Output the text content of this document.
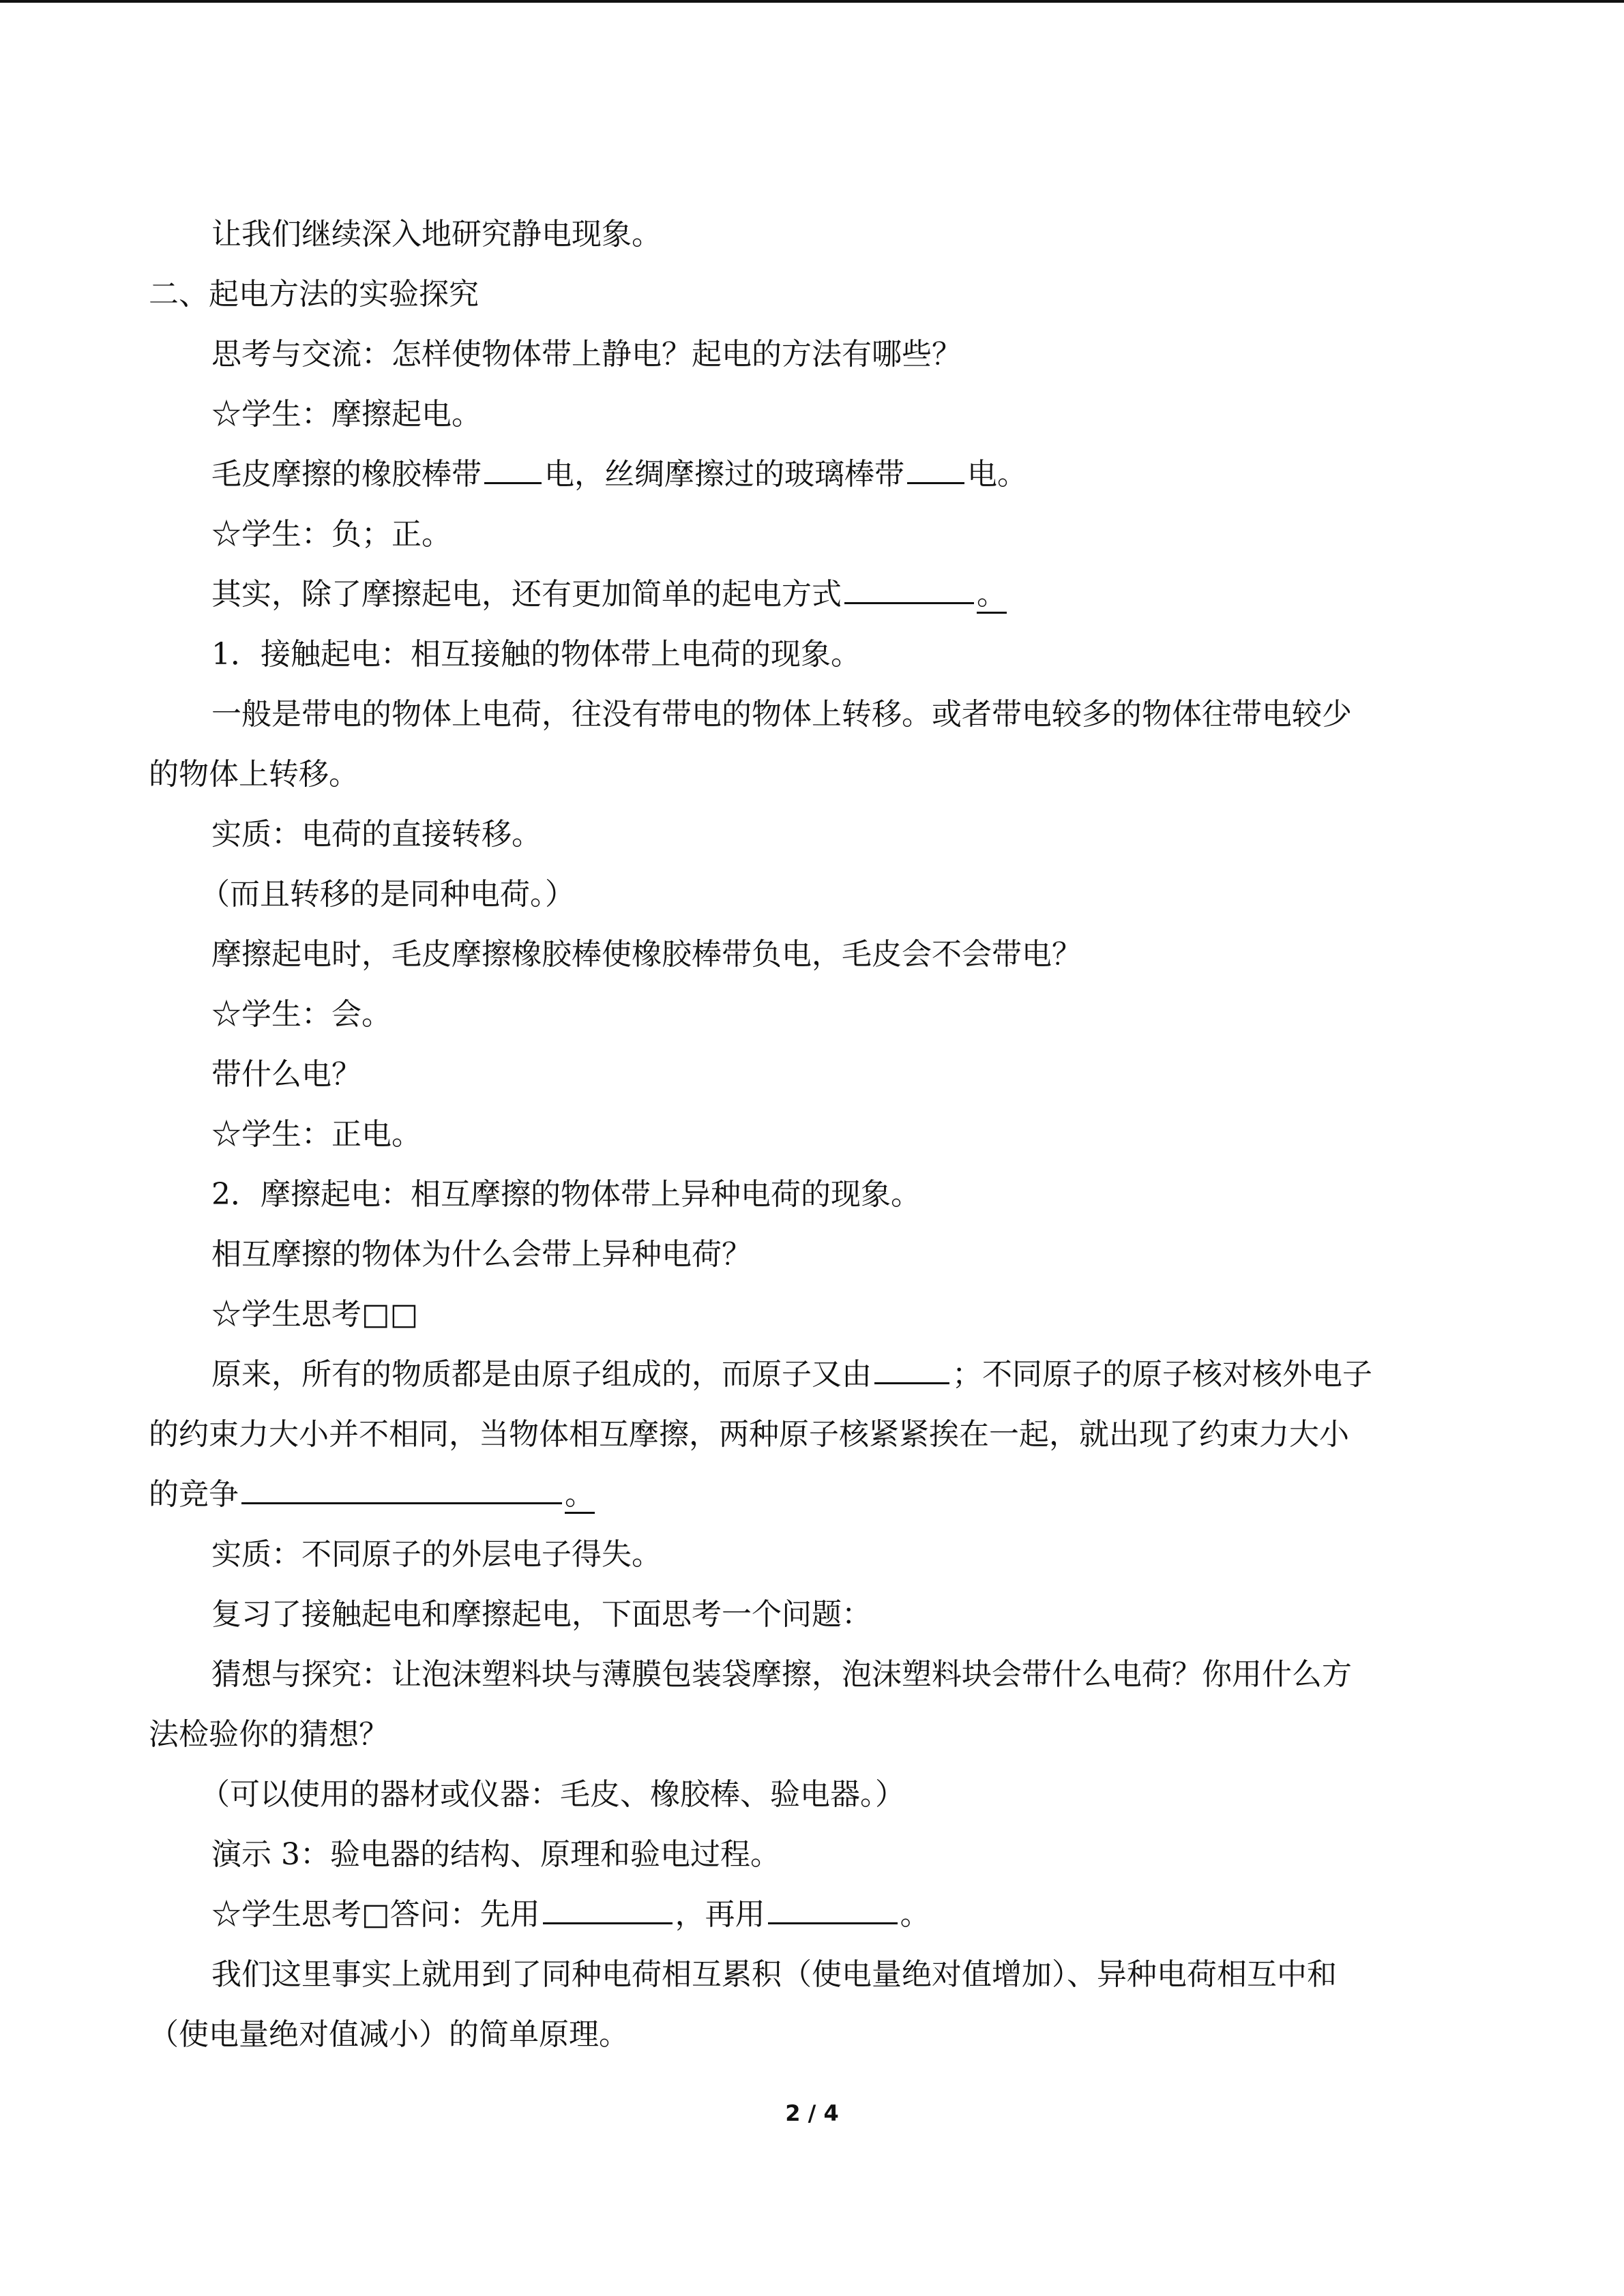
让我们继续深入地研究静电现象。
二、起电方法的实验探究
思考与交流：怎样使物体带上静电？起电的方法有哪些？
☆学生：摩擦起电。
毛皮摩擦的橡胶棒带 电，丝绸摩擦过的玻璃棒带 电。
☆学生：负；正。
其实，除了摩擦起电，还有更加简单的起电方式	。
1．接触起电：相互接触的物体带上电荷的现象。
一般是带电的物体上电荷，往没有带电的物体上转移。或者带电较多的物体往带电较少
的物体上转移。
实质：电荷的直接转移。
（而且转移的是同种电荷。）
摩擦起电时，毛皮摩擦橡胶棒使橡胶棒带负电，毛皮会不会带电？
☆学生：会。
带什么电？
☆学生：正电。
2．摩擦起电：相互摩擦的物体带上异种电荷的现象。
相互摩擦的物体为什么会带上异种电荷？
☆学生思考□□
原来，所有的物质都是由原子组成的，而原子又由	；不同原子的原子核对核外电子
的约束力大小并不相同，当物体相互摩擦，两种原子核紧紧挨在一起，就出现了约束力大小
的竞争	。
实质：不同原子的外层电子得失。
复习了接触起电和摩擦起电，下面思考一个问题：
猜想与探究：让泡沫塑料块与薄膜包装袋摩擦，泡沫塑料块会带什么电荷？你用什么方
法检验你的猜想？
（可以使用的器材或仪器：毛皮、橡胶棒、验电器。）
演示 3：验电器的结构、原理和验电过程。
☆学生思考□答问：先用	，再用	。
我们这里事实上就用到了同种电荷相互累积（使电量绝对值增加）、异种电荷相互中和
（使电量绝对值减小）的简单原理。
2 / 4
